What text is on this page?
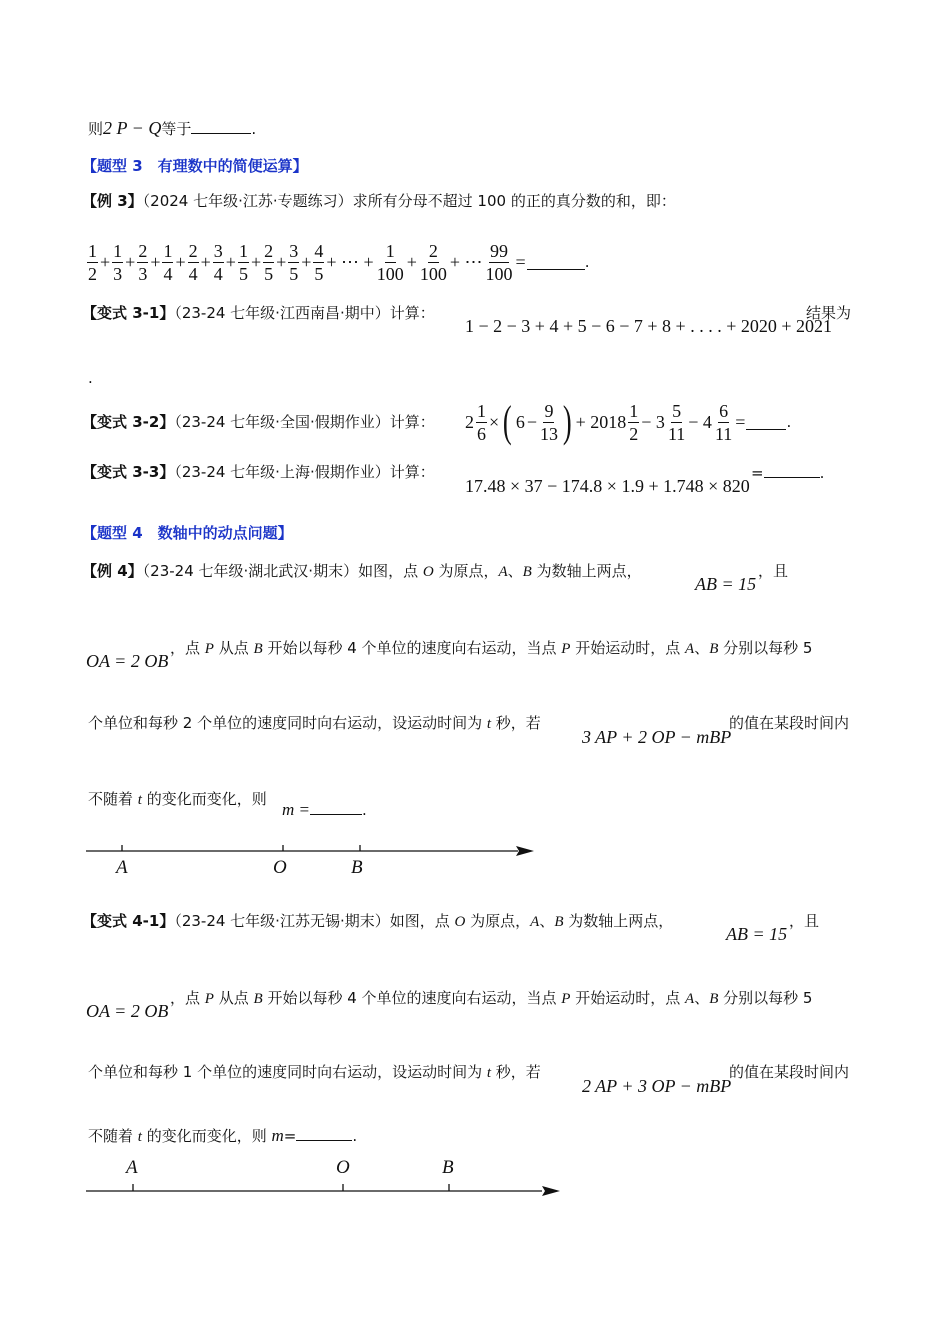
则2 P − Q等于	.
【题型 3　有理数中的简便运算】
【例 3】（2024 七年级·江苏·专题练习）求所有分母不超过 100 的正的真分数的和，即：
$\frac{1}{2} + \frac{1}{3} + \frac{2}{3} + \frac{1}{4} + \frac{2}{4} + \frac{3}{4} + \frac{1}{5} + \frac{2}{5} + \frac{3}{5} + \frac{4}{5}$ + ⋯ + $\frac{1}{100} + \frac{2}{100}$ + ⋯ $\frac{99}{100}$ =	.
【变式 3-1】（23-24 七年级·江西南昌·期中）计算：
1 − 2 − 3 + 4 + 5 − 6 − 7 + 8 + . . . . + 2020 + 2021
结果为
.
【变式 3-2】（23-24 七年级·全国·假期作业）计算： $2 \frac{1}{6}$ × ( $6 - \frac{9}{13}$ ) + $2018 \frac{1}{2} - 3 \frac{5}{11} - 4 \frac{6}{11}$ =	.
【变式 3-3】（23-24 七年级·上海·假期作业）计算：
17.48 × 37 − 174.8 × 1.9 + 1.748 × 820
=	.
【题型 4　数轴中的动点问题】
【例 4】（23-24 七年级·湖北武汉·期末）如图，点 O 为原点，A、B 为数轴上两点，
AB = 15
，且
OA = 2 OB
，点 P 从点 B 开始以每秒 4 个单位的速度向右运动，当点 P 开始运动时，点 A、B 分别以每秒 5
个单位和每秒 2 个单位的速度同时向右运动，设运动时间为 t 秒，若
3 AP + 2 OP − mBP
的值在某段时间内
不随着 t 的变化而变化，则
m =	.
A	O	B
【变式 4-1】（23-24 七年级·江苏无锡·期末）如图，点 O 为原点，A、B 为数轴上两点，
AB = 15
，且
OA = 2 OB
，点 P 从点 B 开始以每秒 4 个单位的速度向右运动，当点 P 开始运动时，点 A、B 分别以每秒 5
个单位和每秒 1 个单位的速度同时向右运动，设运动时间为 t 秒，若
2 AP + 3 OP − mBP
的值在某段时间内
不随着 t 的变化而变化，则 m=	.
A	O	B
